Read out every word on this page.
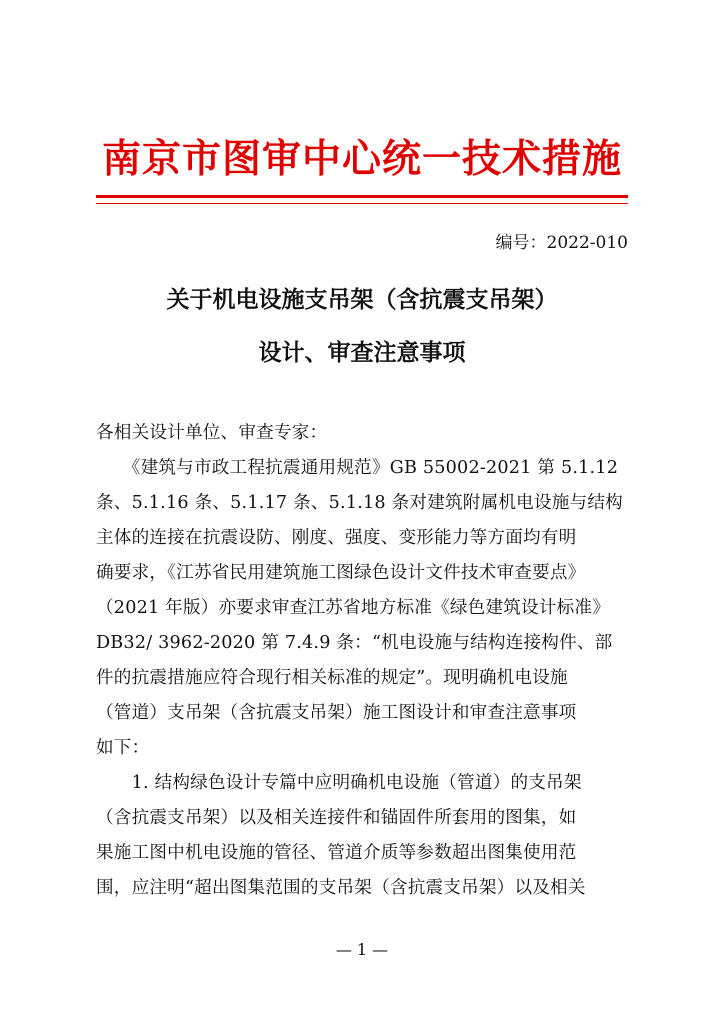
南京市图审中心统一技术措施
编号：2022-010
关于机电设施支吊架（含抗震支吊架）
设计、审查注意事项
各相关设计单位、审查专家：
　　《建筑与市政工程抗震通用规范》GB 55002-2021 第 5.1.12
条、5.1.16 条、5.1.17 条、5.1.18 条对建筑附属机电设施与结构
主体的连接在抗震设防、刚度、强度、变形能力等方面均有明
确要求，《江苏省民用建筑施工图绿色设计文件技术审查要点》
（2021 年版）亦要求审查江苏省地方标准《绿色建筑设计标准》
DB32/ 3962-2020 第 7.4.9 条：“机电设施与结构连接构件、部
件的抗震措施应符合现行相关标准的规定”。现明确机电设施
（管道）支吊架（含抗震支吊架）施工图设计和审查注意事项
如下：
　　1. 结构绿色设计专篇中应明确机电设施（管道）的支吊架
（含抗震支吊架）以及相关连接件和锚固件所套用的图集，如
果施工图中机电设施的管径、管道介质等参数超出图集使用范
围，应注明“超出图集范围的支吊架（含抗震支吊架）以及相关
— 1 —
